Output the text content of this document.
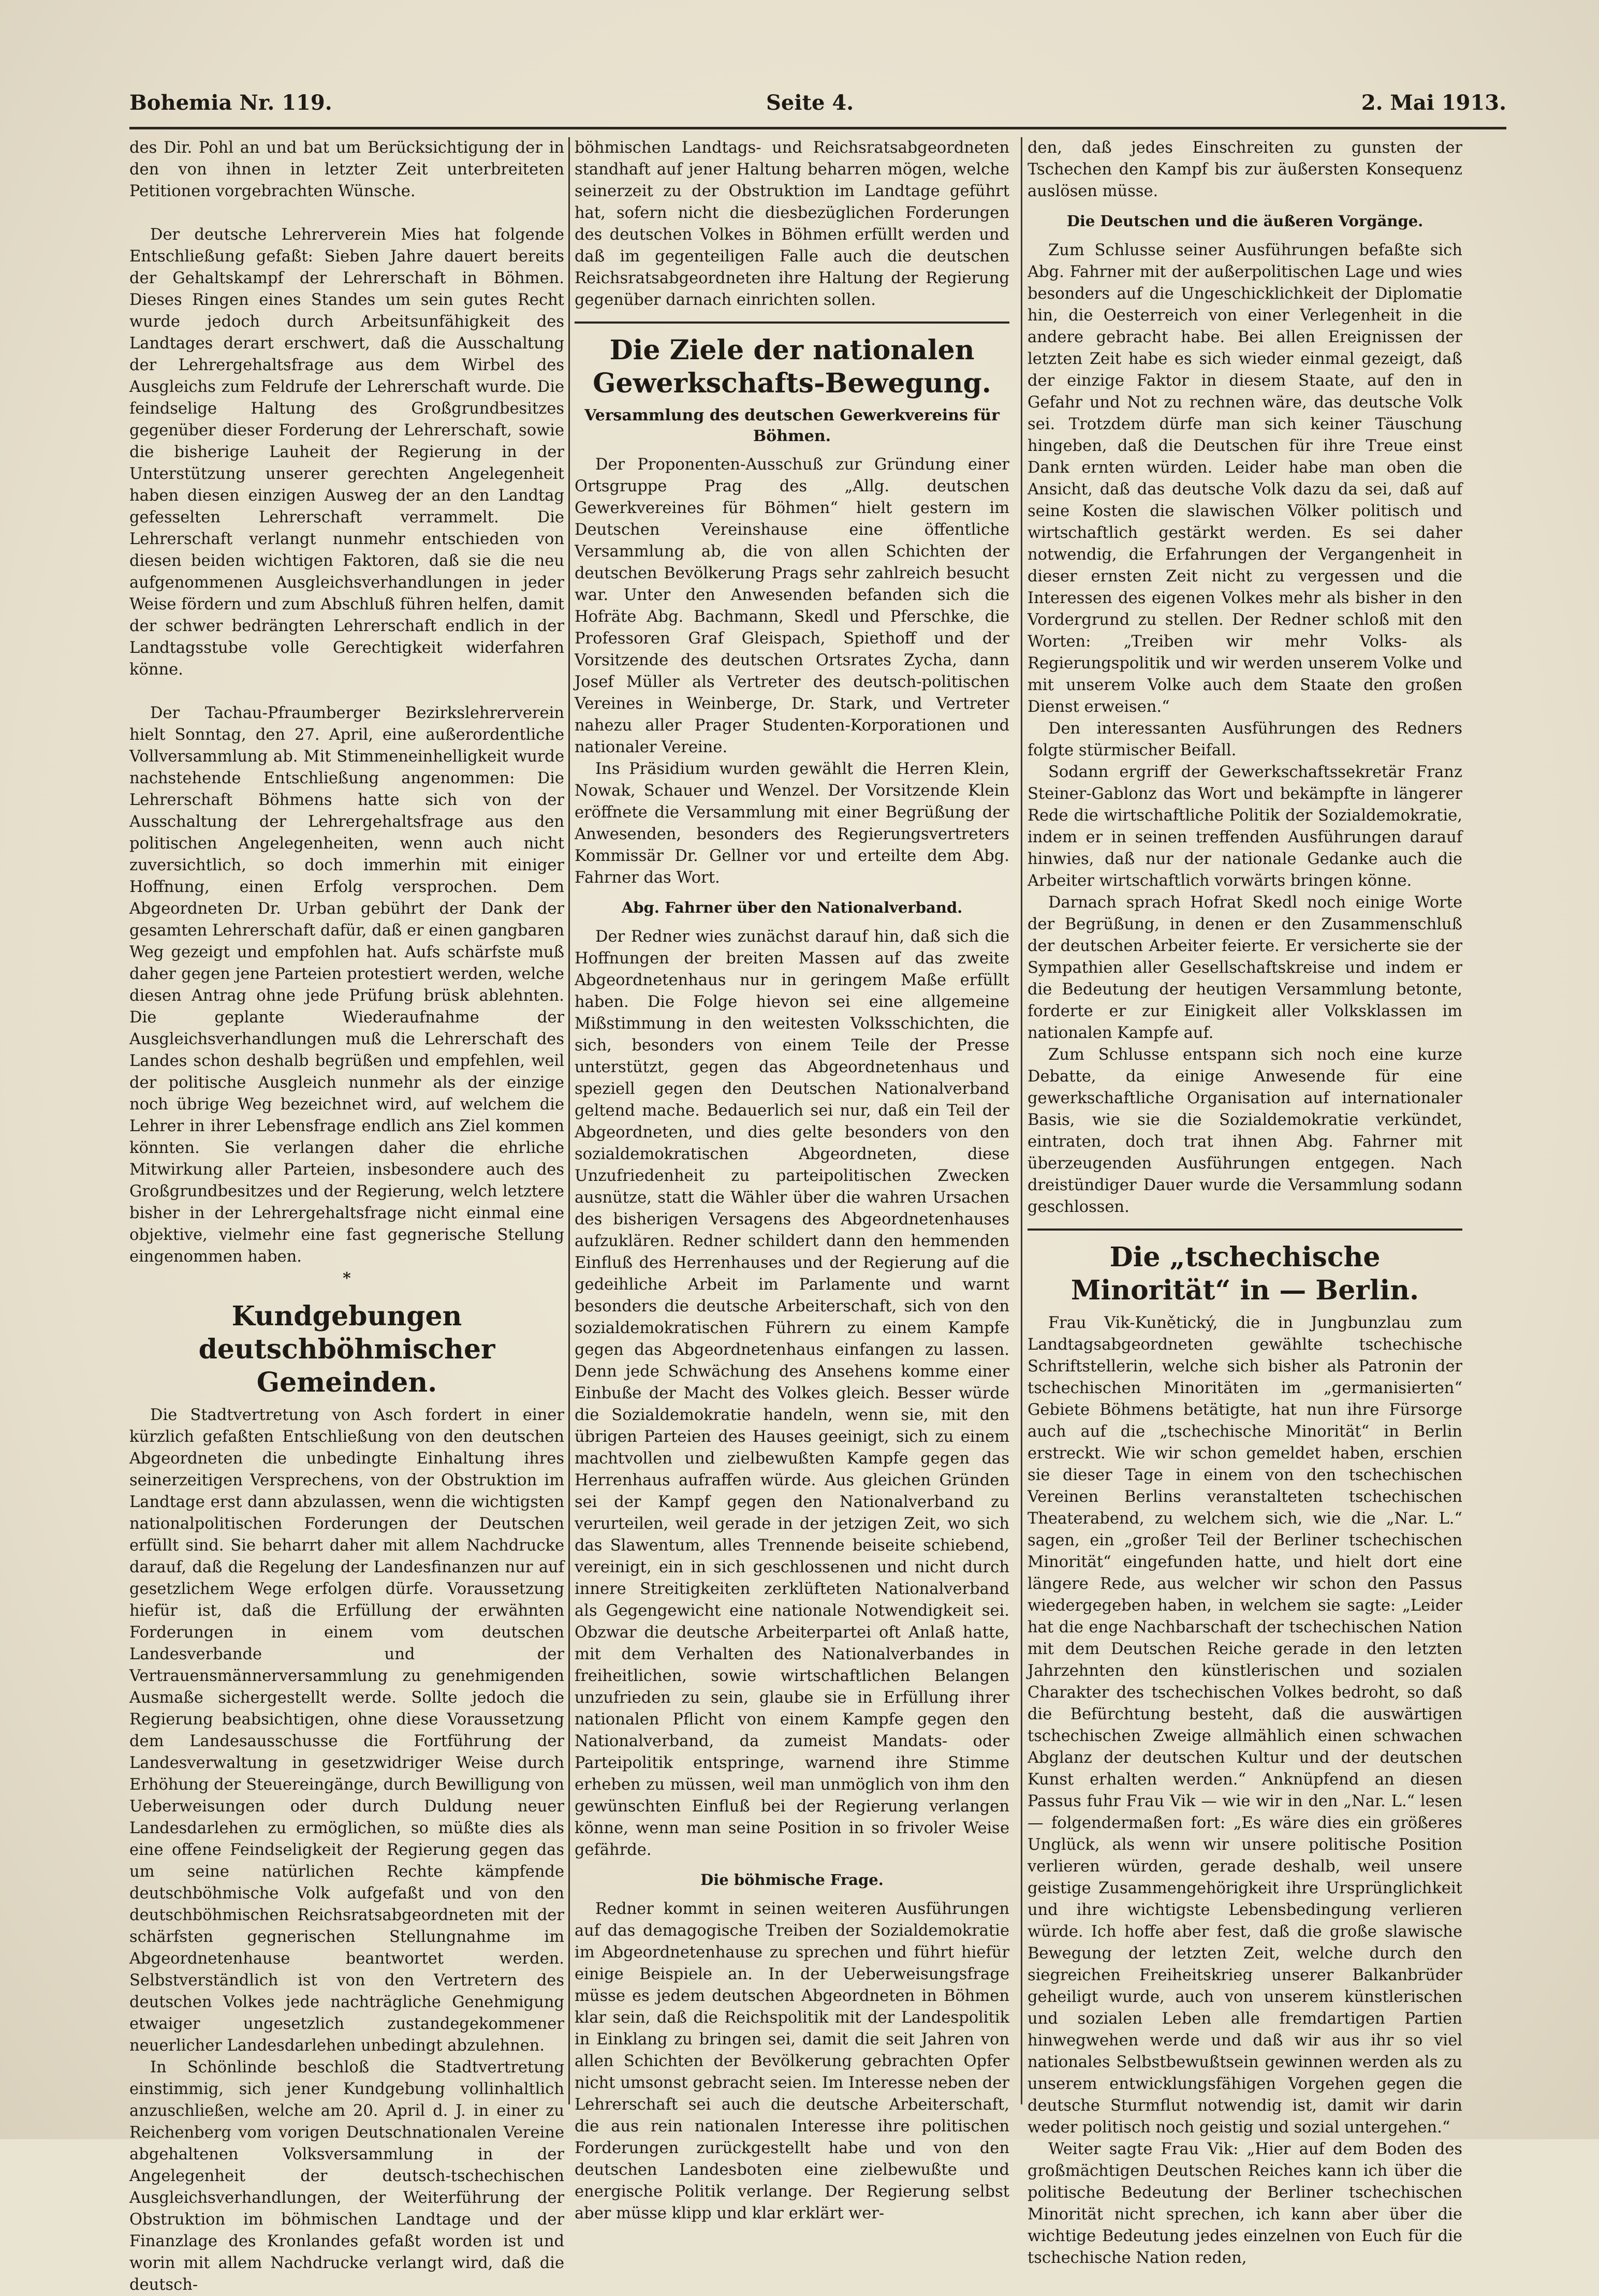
Bohemia Nr. 119.	Seite 4.	2. Mai 1913.

des Dir. Pohl an und bat um Berücksichtigung der in den von ihnen in letzter Zeit unterbreiteten Petitionen vorgebrachten Wünsche.

Der deutsche Lehrerverein Mies hat folgende Entschließung gefaßt: Sieben Jahre dauert bereits der Gehaltskampf der Lehrerschaft in Böhmen. Dieses Ringen eines Standes um sein gutes Recht wurde jedoch durch Arbeitsunfähigkeit des Landtages derart erschwert, daß die Ausschaltung der Lehrergehaltsfrage aus dem Wirbel des Ausgleichs zum Feldrufe der Lehrerschaft wurde. Die feindselige Haltung des Großgrundbesitzes gegenüber dieser Forderung der Lehrerschaft, sowie die bisherige Lauheit der Regierung in der Unterstützung unserer gerechten Angelegenheit haben diesen einzigen Ausweg der an den Landtag gefesselten Lehrerschaft verrammelt. Die Lehrerschaft verlangt nunmehr entschieden von diesen beiden wichtigen Faktoren, daß sie die neu aufgenommenen Ausgleichsverhandlungen in jeder Weise fördern und zum Abschluß führen helfen, damit der schwer bedrängten Lehrerschaft endlich in der Landtagsstube volle Gerechtigkeit widerfahren könne.

Der Tachau-Pfraumberger Bezirkslehrerverein hielt Sonntag, den 27. April, eine außerordentliche Vollversammlung ab. Mit Stimmeneinhelligkeit wurde nachstehende Entschließung angenommen: Die Lehrerschaft Böhmens hatte sich von der Ausschaltung der Lehrergehaltsfrage aus den politischen Angelegenheiten, wenn auch nicht zuversichtlich, so doch immerhin mit einiger Hoffnung, einen Erfolg versprochen. Dem Abgeordneten Dr. Urban gebührt der Dank der gesamten Lehrerschaft dafür, daß er einen gangbaren Weg gezeigt und empfohlen hat. Aufs schärfste muß daher gegen jene Parteien protestiert werden, welche diesen Antrag ohne jede Prüfung brüsk ablehnten. Die geplante Wiederaufnahme der Ausgleichsverhandlungen muß die Lehrerschaft des Landes schon deshalb begrüßen und empfehlen, weil der politische Ausgleich nunmehr als der einzige noch übrige Weg bezeichnet wird, auf welchem die Lehrer in ihrer Lebensfrage endlich ans Ziel kommen könnten. Sie verlangen daher die ehrliche Mitwirkung aller Parteien, insbesondere auch des Großgrundbesitzes und der Regierung, welch letztere bisher in der Lehrergehaltsfrage nicht einmal eine objektive, vielmehr eine fast gegnerische Stellung eingenommen haben.

*
Kundgebungen deutschböhmischer Gemeinden.

Die Stadtvertretung von Asch fordert in einer kürzlich gefaßten Entschließung von den deutschen Abgeordneten die unbedingte Einhaltung ihres seinerzeitigen Versprechens, von der Obstruktion im Landtage erst dann abzulassen, wenn die wichtigsten nationalpolitischen Forderungen der Deutschen erfüllt sind. Sie beharrt daher mit allem Nachdrucke darauf, daß die Regelung der Landesfinanzen nur auf gesetzlichem Wege erfolgen dürfe. Voraussetzung hiefür ist, daß die Erfüllung der erwähnten Forderungen in einem vom deutschen Landesverbande und der Vertrauensmännerversammlung zu genehmigenden Ausmaße sichergestellt werde. Sollte jedoch die Regierung beabsichtigen, ohne diese Voraussetzung dem Landesausschusse die Fortführung der Landesverwaltung in gesetzwidriger Weise durch Erhöhung der Steuereingänge, durch Bewilligung von Ueberweisungen oder durch Duldung neuer Landesdarlehen zu ermöglichen, so müßte dies als eine offene Feindseligkeit der Regierung gegen das um seine natürlichen Rechte kämpfende deutschböhmische Volk aufgefaßt und von den deutschböhmischen Reichsratsabgeordneten mit der schärfsten gegnerischen Stellungnahme im Abgeordnetenhause beantwortet werden. Selbstverständlich ist von den Vertretern des deutschen Volkes jede nachträgliche Genehmigung etwaiger ungesetzlich zustandegekommener neuerlicher Landesdarlehen unbedingt abzulehnen.

In Schönlinde beschloß die Stadtvertretung einstimmig, sich jener Kundgebung vollinhaltlich anzuschließen, welche am 20. April d. J. in einer zu Reichenberg vom vorigen Deutschnationalen Vereine abgehaltenen Volksversammlung in der Angelegenheit der deutsch-tschechischen Ausgleichsverhandlungen, der Weiterführung der Obstruktion im böhmischen Landtage und der Finanzlage des Kronlandes gefaßt worden ist und worin mit allem Nachdrucke verlangt wird, daß die deutsch-

böhmischen Landtags- und Reichsratsabgeordneten standhaft auf jener Haltung beharren mögen, welche seinerzeit zu der Obstruktion im Landtage geführt hat, sofern nicht die diesbezüglichen Forderungen des deutschen Volkes in Böhmen erfüllt werden und daß im gegenteiligen Falle auch die deutschen Reichsratsabgeordneten ihre Haltung der Regierung gegenüber darnach einrichten sollen.

Die Ziele der nationalen Gewerkschafts-Bewegung.
Versammlung des deutschen Gewerkvereins für Böhmen.

Der Proponenten-Ausschuß zur Gründung einer Ortsgruppe Prag des „Allg. deutschen Gewerkvereines für Böhmen“ hielt gestern im Deutschen Vereinshause eine öffentliche Versammlung ab, die von allen Schichten der deutschen Bevölkerung Prags sehr zahlreich besucht war. Unter den Anwesenden befanden sich die Hofräte Abg. Bachmann, Skedl und Pferschke, die Professoren Graf Gleispach, Spiethoff und der Vorsitzende des deutschen Ortsrates Zycha, dann Josef Müller als Vertreter des deutsch-politischen Vereines in Weinberge, Dr. Stark, und Vertreter nahezu aller Prager Studenten-Korporationen und nationaler Vereine.

Ins Präsidium wurden gewählt die Herren Klein, Nowak, Schauer und Wenzel. Der Vorsitzende Klein eröffnete die Versammlung mit einer Begrüßung der Anwesenden, besonders des Regierungsvertreters Kommissär Dr. Gellner vor und erteilte dem Abg. Fahrner das Wort.

Abg. Fahrner über den Nationalverband.

Der Redner wies zunächst darauf hin, daß sich die Hoffnungen der breiten Massen auf das zweite Abgeordnetenhaus nur in geringem Maße erfüllt haben. Die Folge hievon sei eine allgemeine Mißstimmung in den weitesten Volksschichten, die sich, besonders von einem Teile der Presse unterstützt, gegen das Abgeordnetenhaus und speziell gegen den Deutschen Nationalverband geltend mache. Bedauerlich sei nur, daß ein Teil der Abgeordneten, und dies gelte besonders von den sozialdemokratischen Abgeordneten, diese Unzufriedenheit zu parteipolitischen Zwecken ausnütze, statt die Wähler über die wahren Ursachen des bisherigen Versagens des Abgeordnetenhauses aufzuklären. Redner schildert dann den hemmenden Einfluß des Herrenhauses und der Regierung auf die gedeihliche Arbeit im Parlamente und warnt besonders die deutsche Arbeiterschaft, sich von den sozialdemokratischen Führern zu einem Kampfe gegen das Abgeordnetenhaus einfangen zu lassen. Denn jede Schwächung des Ansehens komme einer Einbuße der Macht des Volkes gleich. Besser würde die Sozialdemokratie handeln, wenn sie, mit den übrigen Parteien des Hauses geeinigt, sich zu einem machtvollen und zielbewußten Kampfe gegen das Herrenhaus aufraffen würde. Aus gleichen Gründen sei der Kampf gegen den Nationalverband zu verurteilen, weil gerade in der jetzigen Zeit, wo sich das Slawentum, alles Trennende beiseite schiebend, vereinigt, ein in sich geschlossenen und nicht durch innere Streitigkeiten zerklüfteten Nationalverband als Gegengewicht eine nationale Notwendigkeit sei. Obzwar die deutsche Arbeiterpartei oft Anlaß hatte, mit dem Verhalten des Nationalverbandes in freiheitlichen, sowie wirtschaftlichen Belangen unzufrieden zu sein, glaube sie in Erfüllung ihrer nationalen Pflicht von einem Kampfe gegen den Nationalverband, da zumeist Mandats- oder Parteipolitik entspringe, warnend ihre Stimme erheben zu müssen, weil man unmöglich von ihm den gewünschten Einfluß bei der Regierung verlangen könne, wenn man seine Position in so frivoler Weise gefährde.

Die böhmische Frage.

Redner kommt in seinen weiteren Ausführungen auf das demagogische Treiben der Sozialdemokratie im Abgeordnetenhause zu sprechen und führt hiefür einige Beispiele an. In der Ueberweisungsfrage müsse es jedem deutschen Abgeordneten in Böhmen klar sein, daß die Reichspolitik mit der Landespolitik in Einklang zu bringen sei, damit die seit Jahren von allen Schichten der Bevölkerung gebrachten Opfer nicht umsonst gebracht seien. Im Interesse neben der Lehrerschaft sei auch die deutsche Arbeiterschaft, die aus rein nationalen Interesse ihre politischen Forderungen zurückgestellt habe und von den deutschen Landesboten eine zielbewußte und energische Politik verlange. Der Regierung selbst aber müsse klipp und klar erklärt wer-

den, daß jedes Einschreiten zu gunsten der Tschechen den Kampf bis zur äußersten Konsequenz auslösen müsse.

Die Deutschen und die äußeren Vorgänge.

Zum Schlusse seiner Ausführungen befaßte sich Abg. Fahrner mit der außerpolitischen Lage und wies besonders auf die Ungeschicklichkeit der Diplomatie hin, die Oesterreich von einer Verlegenheit in die andere gebracht habe. Bei allen Ereignissen der letzten Zeit habe es sich wieder einmal gezeigt, daß der einzige Faktor in diesem Staate, auf den in Gefahr und Not zu rechnen wäre, das deutsche Volk sei. Trotzdem dürfe man sich keiner Täuschung hingeben, daß die Deutschen für ihre Treue einst Dank ernten würden. Leider habe man oben die Ansicht, daß das deutsche Volk dazu da sei, daß auf seine Kosten die slawischen Völker politisch und wirtschaftlich gestärkt werden. Es sei daher notwendig, die Erfahrungen der Vergangenheit in dieser ernsten Zeit nicht zu vergessen und die Interessen des eigenen Volkes mehr als bisher in den Vordergrund zu stellen. Der Redner schloß mit den Worten: „Treiben wir mehr Volks- als Regierungspolitik und wir werden unserem Volke und mit unserem Volke auch dem Staate den großen Dienst erweisen.“

Den interessanten Ausführungen des Redners folgte stürmischer Beifall.

Sodann ergriff der Gewerkschaftssekretär Franz Steiner-Gablonz das Wort und bekämpfte in längerer Rede die wirtschaftliche Politik der Sozialdemokratie, indem er in seinen treffenden Ausführungen darauf hinwies, daß nur der nationale Gedanke auch die Arbeiter wirtschaftlich vorwärts bringen könne.

Darnach sprach Hofrat Skedl noch einige Worte der Begrüßung, in denen er den Zusammenschluß der deutschen Arbeiter feierte. Er versicherte sie der Sympathien aller Gesellschaftskreise und indem er die Bedeutung der heutigen Versammlung betonte, forderte er zur Einigkeit aller Volksklassen im nationalen Kampfe auf.

Zum Schlusse entspann sich noch eine kurze Debatte, da einige Anwesende für eine gewerkschaftliche Organisation auf internationaler Basis, wie sie die Sozialdemokratie verkündet, eintraten, doch trat ihnen Abg. Fahrner mit überzeugenden Ausführungen entgegen. Nach dreistündiger Dauer wurde die Versammlung sodann geschlossen.

Die „tschechische Minorität“ in — Berlin.

Frau Vik-Kunětický, die in Jungbunzlau zum Landtagsabgeordneten gewählte tschechische Schriftstellerin, welche sich bisher als Patronin der tschechischen Minoritäten im „germanisierten“ Gebiete Böhmens betätigte, hat nun ihre Fürsorge auch auf die „tschechische Minorität“ in Berlin erstreckt. Wie wir schon gemeldet haben, erschien sie dieser Tage in einem von den tschechischen Vereinen Berlins veranstalteten tschechischen Theaterabend, zu welchem sich, wie die „Nar. L.“ sagen, ein „großer Teil der Berliner tschechischen Minorität“ eingefunden hatte, und hielt dort eine längere Rede, aus welcher wir schon den Passus wiedergegeben haben, in welchem sie sagte: „Leider hat die enge Nachbarschaft der tschechischen Nation mit dem Deutschen Reiche gerade in den letzten Jahrzehnten den künstlerischen und sozialen Charakter des tschechischen Volkes bedroht, so daß die Befürchtung besteht, daß die auswärtigen tschechischen Zweige allmählich einen schwachen Abglanz der deutschen Kultur und der deutschen Kunst erhalten werden.“ Anknüpfend an diesen Passus fuhr Frau Vik — wie wir in den „Nar. L.“ lesen — folgendermaßen fort: „Es wäre dies ein größeres Unglück, als wenn wir unsere politische Position verlieren würden, gerade deshalb, weil unsere geistige Zusammengehörigkeit ihre Ursprünglichkeit und ihre wichtigste Lebensbedingung verlieren würde. Ich hoffe aber fest, daß die große slawische Bewegung der letzten Zeit, welche durch den siegreichen Freiheitskrieg unserer Balkanbrüder geheiligt wurde, auch von unserem künstlerischen und sozialen Leben alle fremdartigen Partien hinwegwehen werde und daß wir aus ihr so viel nationales Selbstbewußtsein gewinnen werden als zu unserem entwicklungsfähigen Vorgehen gegen die deutsche Sturmflut notwendig ist, damit wir darin weder politisch noch geistig und sozial untergehen.“

Weiter sagte Frau Vik: „Hier auf dem Boden des großmächtigen Deutschen Reiches kann ich über die politische Bedeutung der Berliner tschechischen Minorität nicht sprechen, ich kann aber über die wichtige Bedeutung jedes einzelnen von Euch für die tschechische Nation reden,
